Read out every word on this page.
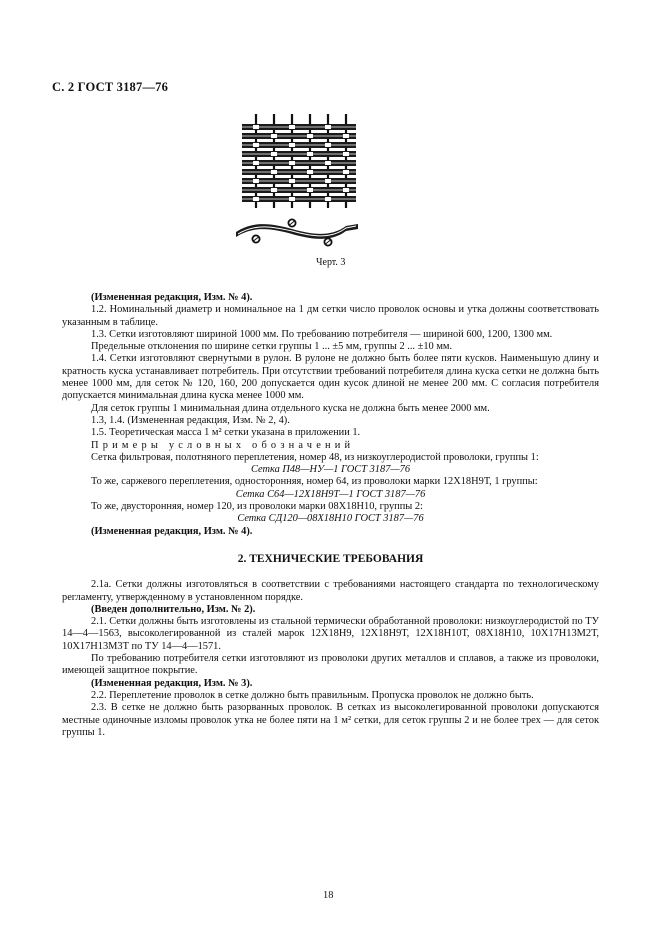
С. 2 ГОСТ 3187—76
Черт. 3

(Измененная редакция, Изм. № 4).

1.2. Номинальный диаметр и номинальное на 1 дм сетки число проволок основы и утка должны соответствовать указанным в таблице.

1.3. Сетки изготовляют шириной 1000 мм. По требованию потребителя — шириной 600, 1200, 1300 мм.

Предельные отклонения по ширине сетки группы 1 ... ±5 мм, группы 2 ... ±10 мм.

1.4. Сетки изготовляют свернутыми в рулон. В рулоне не должно быть более пяти кусков. Наименьшую длину и кратность куска устанавливает потребитель. При отсутствии требований потребителя длина куска сетки не должна быть менее 1000 мм, для сеток № 120, 160, 200 допускается один кусок длиной не менее 200 мм. С согласия потребителя допускается минимальная длина куска менее 1000 мм.

Для сеток группы 1 минимальная длина отдельного куска не должна быть менее 2000 мм.

1.3, 1.4. (Измененная редакция, Изм. № 2, 4).

1.5. Теоретическая масса 1 м² сетки указана в приложении 1.

Примеры условных обозначений

Сетка фильтровая, полотняного переплетения, номер 48, из низкоуглеродистой проволоки, группы 1:

Сетка П48—НУ—1 ГОСТ 3187—76

То же, саржевого переплетения, односторонняя, номер 64, из проволоки марки 12Х18Н9Т, 1 группы:

Сетка С64—12Х18Н9Т—1 ГОСТ 3187—76

То же, двусторонняя, номер 120, из проволоки марки 08Х18Н10, группы 2:

Сетка СД120—08Х18Н10 ГОСТ 3187—76

(Измененная редакция, Изм. № 4).

2. ТЕХНИЧЕСКИЕ ТРЕБОВАНИЯ

2.1а. Сетки должны изготовляться в соответствии с требованиями настоящего стандарта по технологическому регламенту, утвержденному в установленном порядке.

(Введен дополнительно, Изм. № 2).

2.1. Сетки должны быть изготовлены из стальной термически обработанной проволоки: низкоуглеродистой по ТУ 14—4—1563, высоколегированной из сталей марок 12Х18Н9, 12Х18Н9Т, 12Х18Н10Т, 08Х18Н10, 10Х17Н13М2Т, 10Х17Н13М3Т по ТУ 14—4—1571.

По требованию потребителя сетки изготовляют из проволоки других металлов и сплавов, а также из проволоки, имеющей защитное покрытие.

(Измененная редакция, Изм. № 3).

2.2. Переплетение проволок в сетке должно быть правильным. Пропуска проволок не должно быть.

2.3. В сетке не должно быть разорванных проволок. В сетках из высоколегированной проволоки допускаются местные одиночные изломы проволок утка не более пяти на 1 м² сетки, для сеток группы 2 и не более трех — для сеток группы 1.

18
